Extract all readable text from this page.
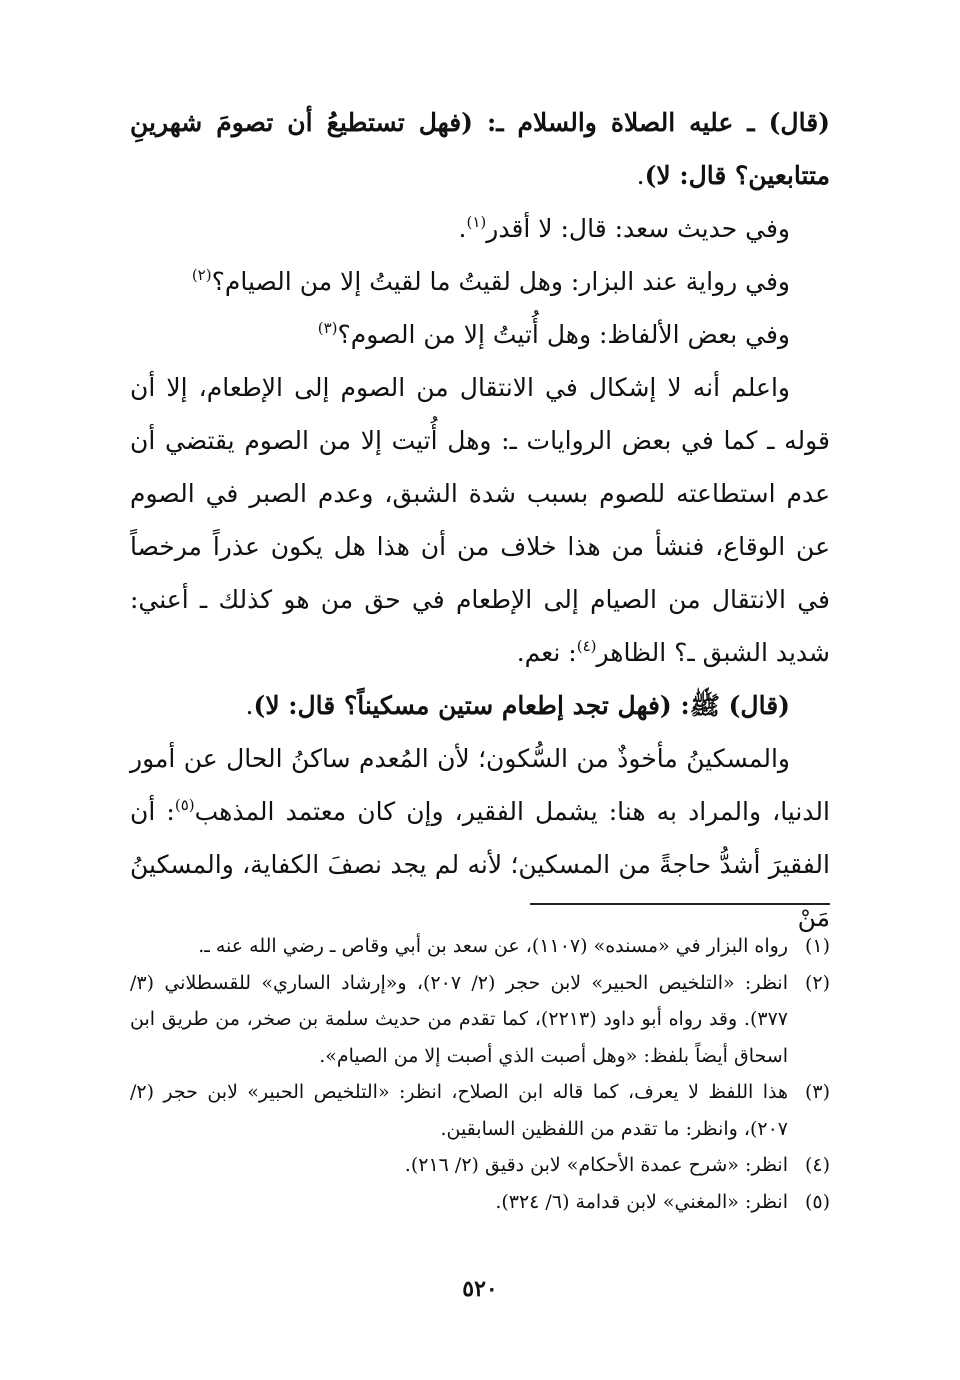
(قال) ـ عليه الصلاة والسلام ـ: (فهل تستطيعُ أن تصومَ شهرينِ متتابعين؟ قال: لا).

وفي حديث سعد: قال: لا أقدر$^{(١)}$.

وفي رواية عند البزار: وهل لقيتُ ما لقيتُ إلا من الصيام؟$^{(٢)}$

وفي بعض الألفاظ: وهل أُتيتُ إلا من الصوم؟$^{(٣)}$

واعلم أنه لا إشكال في الانتقال من الصوم إلى الإطعام، إلا أن قوله ـ كما في بعض الروايات ـ: وهل أُتيت إلا من الصوم يقتضي أن عدم استطاعته للصوم بسبب شدة الشبق، وعدم الصبر في الصوم عن الوقاع، فنشأ من هذا خلاف من أن هذا هل يكون عذراً مرخصاً في الانتقال من الصيام إلى الإطعام في حق من هو كذلك ـ أعني: شديد الشبق ـ؟ الظاهر$^{(٤)}$: نعم.

(قال) ﷺ: (فهل تجد إطعام ستين مسكيناً؟ قال: لا).

والمسكينُ مأخوذٌ من السُّكون؛ لأن المُعدم ساكنُ الحال عن أمور الدنيا، والمراد به هنا: يشمل الفقير، وإن كان معتمد المذهب$^{(٥)}$: أن الفقيرَ أشدُّ حاجةً من المسكين؛ لأنه لم يجد نصفَ الكفاية، والمسكينُ مَنْ

(١)
رواه البزار في «مسنده» (١١٠٧)، عن سعد بن أبي وقاص ـ رضي الله عنه ـ.
(٢)
انظر: «التلخيص الحبير» لابن حجر (٢/ ٢٠٧)، و«إرشاد الساري» للقسطلاني (٣/ ٣٧٧). وقد رواه أبو داود (٢٢١٣)، كما تقدم من حديث سلمة بن صخر، من طريق ابن اسحاق أيضاً بلفظ: «وهل أصبت الذي أصبت إلا من الصيام».
(٣)
هذا اللفظ لا يعرف، كما قاله ابن الصلاح، انظر: «التلخيص الحبير» لابن حجر (٢/ ٢٠٧)، وانظر: ما تقدم من اللفظين السابقين.
(٤)
انظر: «شرح عمدة الأحكام» لابن دقيق (٢/ ٢١٦).
(٥)
انظر: «المغني» لابن قدامة (٦/ ٣٢٤).
٥٢٠
